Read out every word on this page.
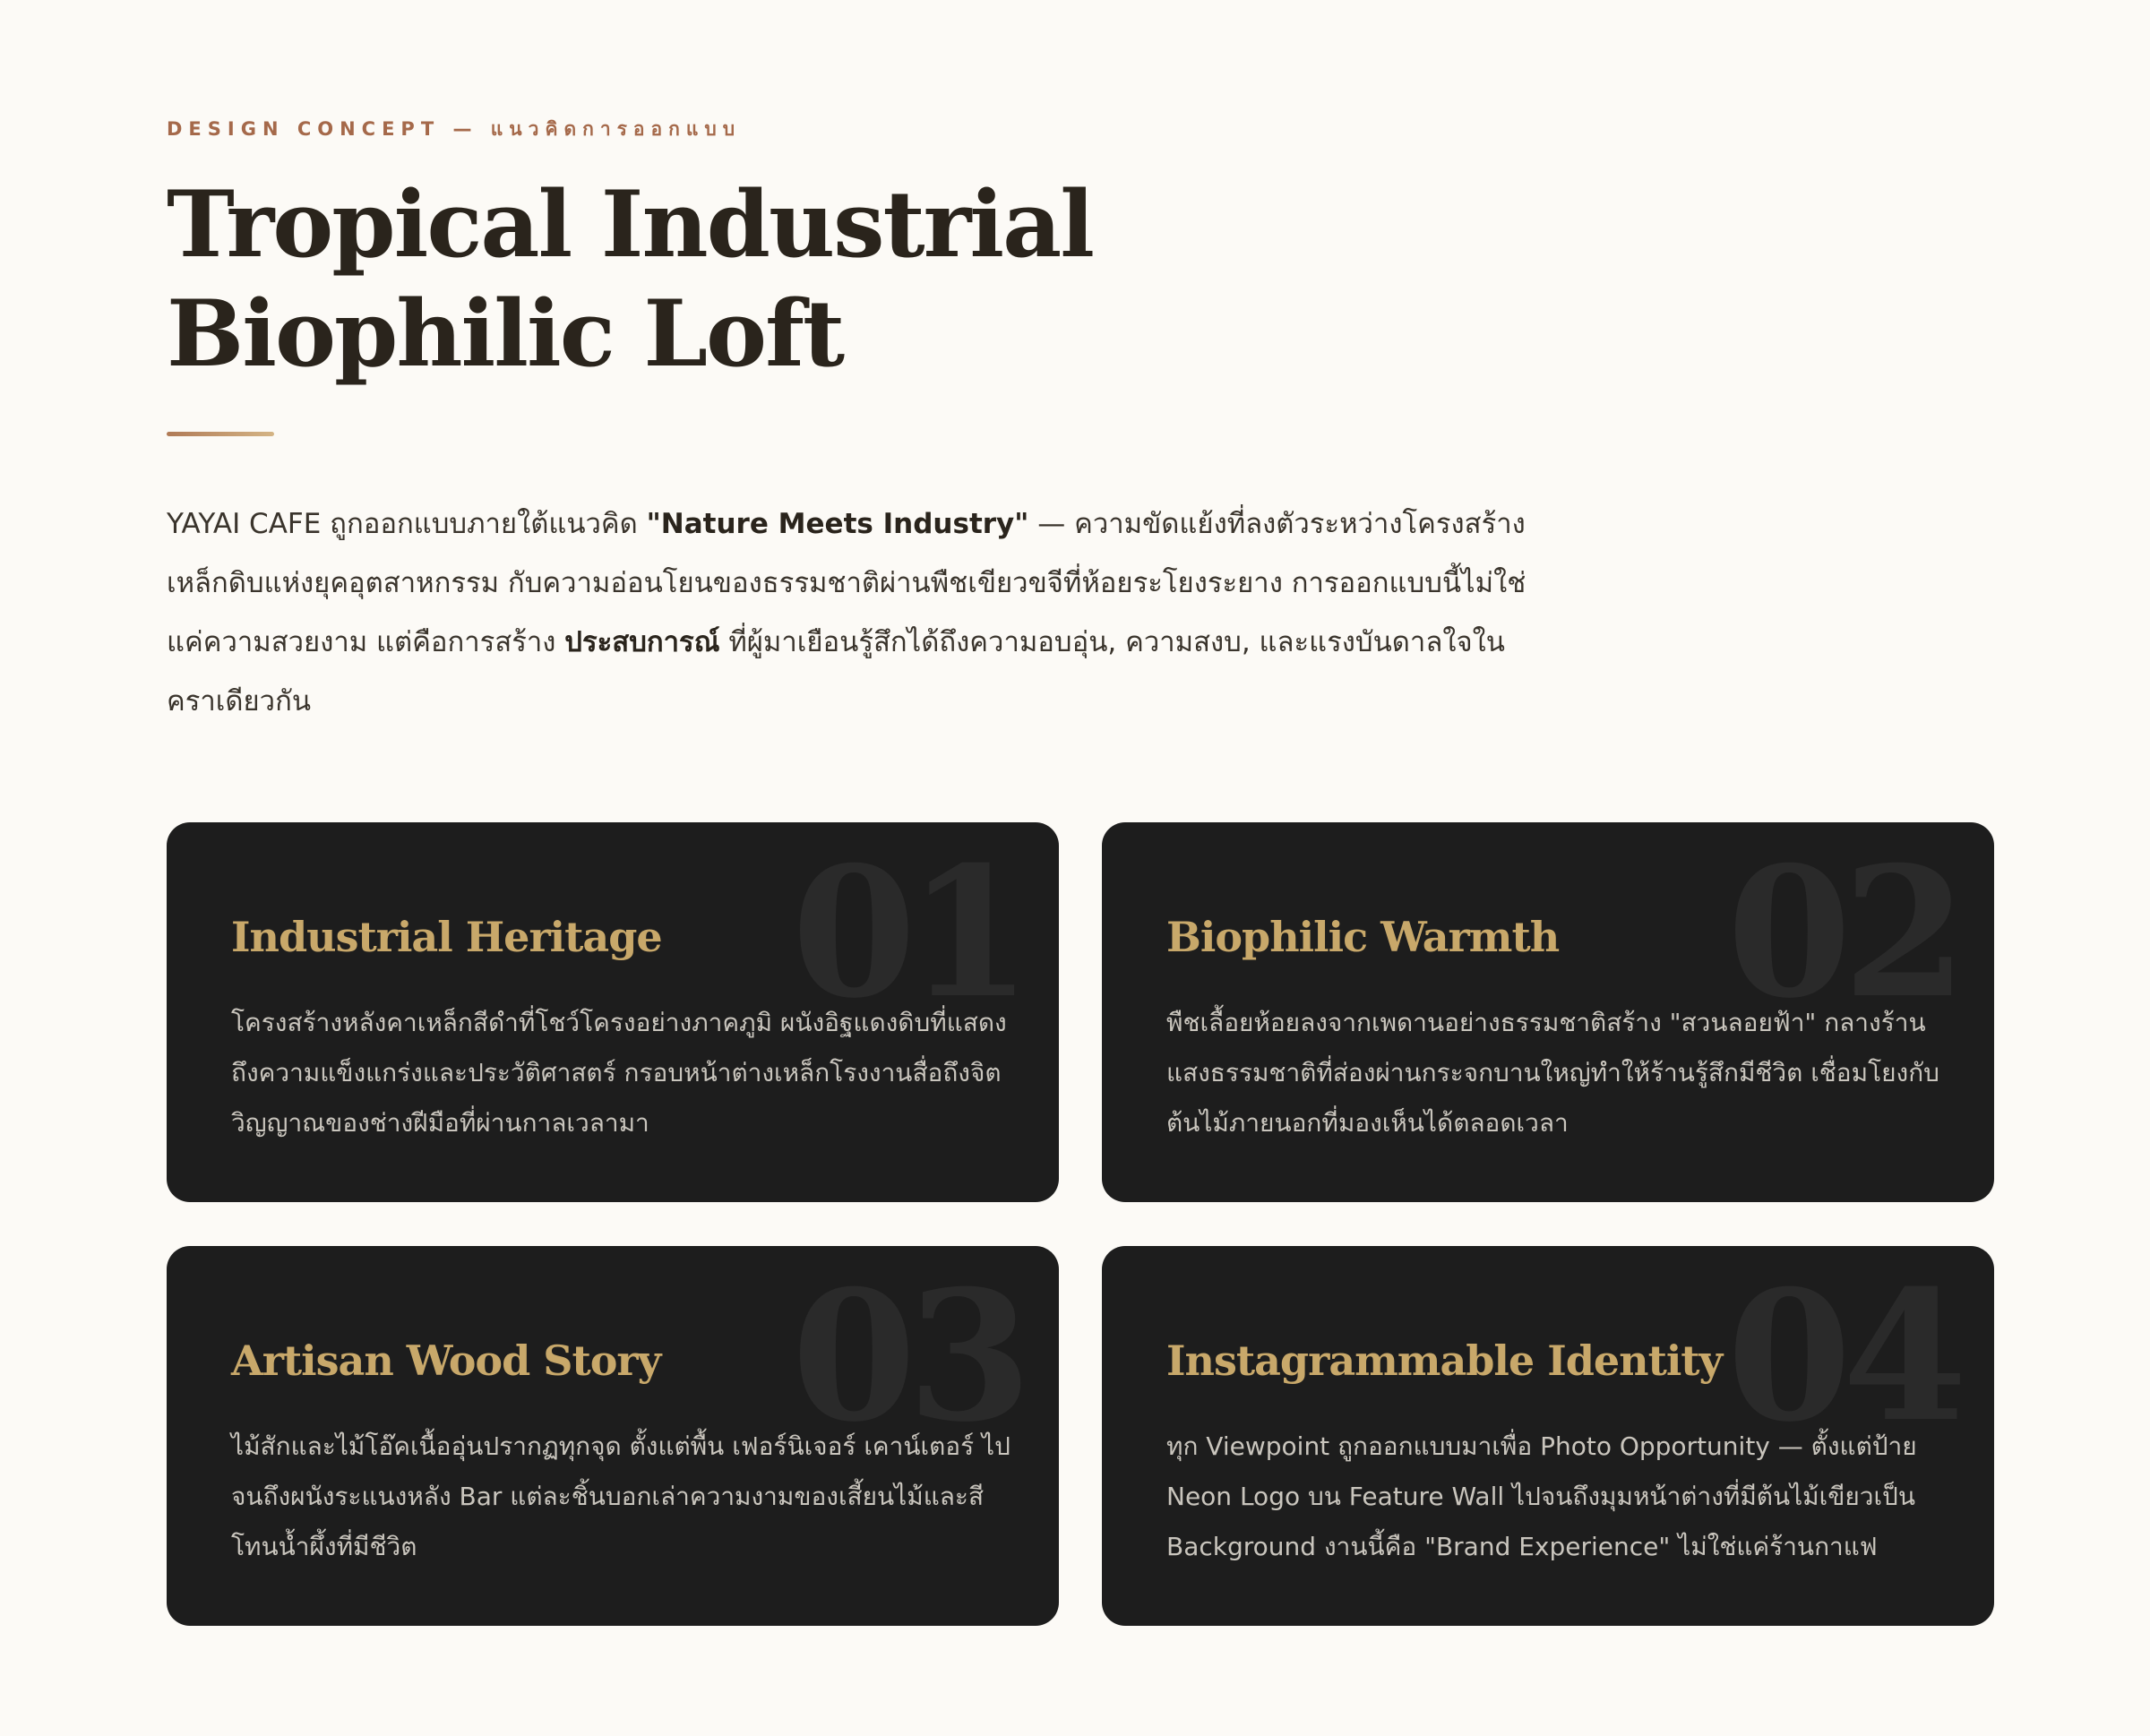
DESIGN CONCEPT — แนวคิดการออกแบบ
Tropical Industrial
Biophilic Loft

YAYAI CAFE ถูกออกแบบภายใต้แนวคิด "Nature Meets Industry" — ความขัดแย้งที่ลงตัวระหว่างโครงสร้างเหล็กดิบแห่งยุคอุตสาหกรรม กับความอ่อนโยนของธรรมชาติผ่านพืชเขียวขจีที่ห้อยระโยงระยาง การออกแบบนี้ไม่ใช่แค่ความสวยงาม แต่คือการสร้าง ประสบการณ์ ที่ผู้มาเยือนรู้สึกได้ถึงความอบอุ่น, ความสงบ, และแรงบันดาลใจในคราเดียวกัน

01
Industrial Heritage

โครงสร้างหลังคาเหล็กสีดำที่โชว์โครงอย่างภาคภูมิ ผนังอิฐแดงดิบที่แสดงถึงความแข็งแกร่งและประวัติศาสตร์ กรอบหน้าต่างเหล็กโรงงานสื่อถึงจิตวิญญาณของช่างฝีมือที่ผ่านกาลเวลามา

02
Biophilic Warmth

พืชเลื้อยห้อยลงจากเพดานอย่างธรรมชาติสร้าง "สวนลอยฟ้า" กลางร้าน แสงธรรมชาติที่ส่องผ่านกระจกบานใหญ่ทำให้ร้านรู้สึกมีชีวิต เชื่อมโยงกับต้นไม้ภายนอกที่มองเห็นได้ตลอดเวลา

03
Artisan Wood Story

ไม้สักและไม้โอ๊คเนื้ออุ่นปรากฏทุกจุด ตั้งแต่พื้น เฟอร์นิเจอร์ เคาน์เตอร์ ไปจนถึงผนังระแนงหลัง Bar แต่ละชิ้นบอกเล่าความงามของเสี้ยนไม้และสีโทนน้ำผึ้งที่มีชีวิต

04
Instagrammable Identity

ทุก Viewpoint ถูกออกแบบมาเพื่อ Photo Opportunity — ตั้งแต่ป้าย Neon Logo บน Feature Wall ไปจนถึงมุมหน้าต่างที่มีต้นไม้เขียวเป็น Background งานนี้คือ "Brand Experience" ไม่ใช่แค่ร้านกาแฟ
